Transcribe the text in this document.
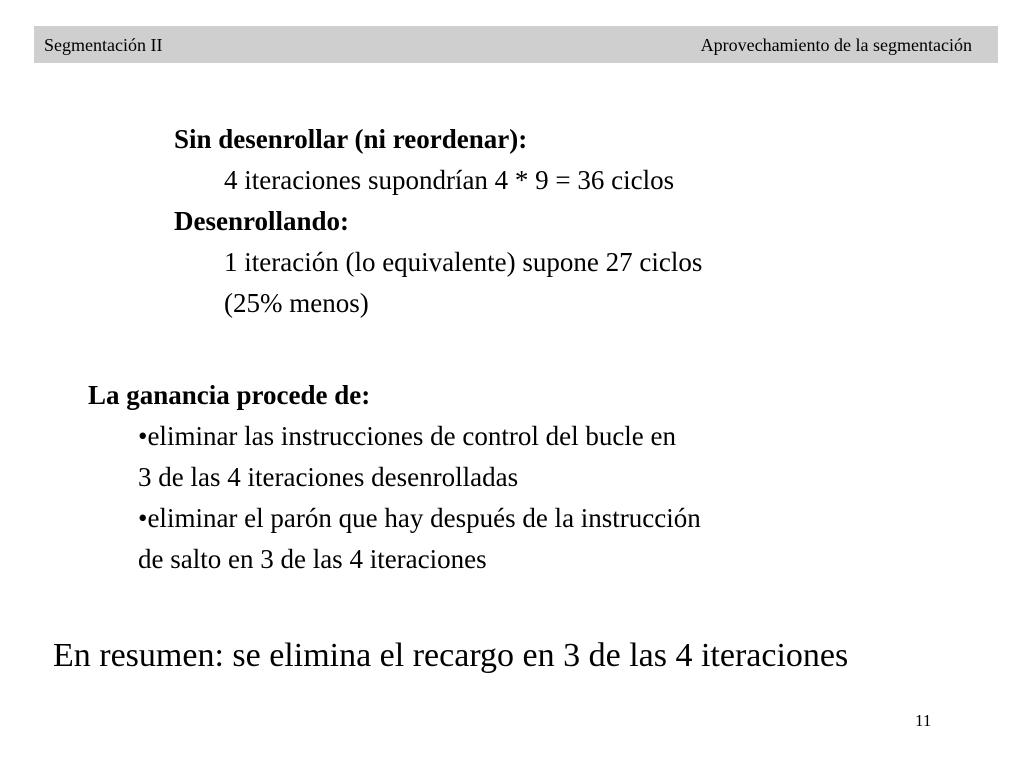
Segmentación II	Aprovechamiento de la segmentación
Sin desenrollar (ni reordenar):
4 iteraciones supondrían 4 * 9 = 36 ciclos
Desenrollando:
1 iteración (lo equivalente) supone 27 ciclos
(25% menos)
La ganancia procede de:
•eliminar las instrucciones de control del bucle en
3 de las 4 iteraciones desenrolladas
•eliminar el parón que hay después de la instrucción
de salto en 3 de las 4 iteraciones
En resumen: se elimina el recargo en 3 de las 4 iteraciones
11
